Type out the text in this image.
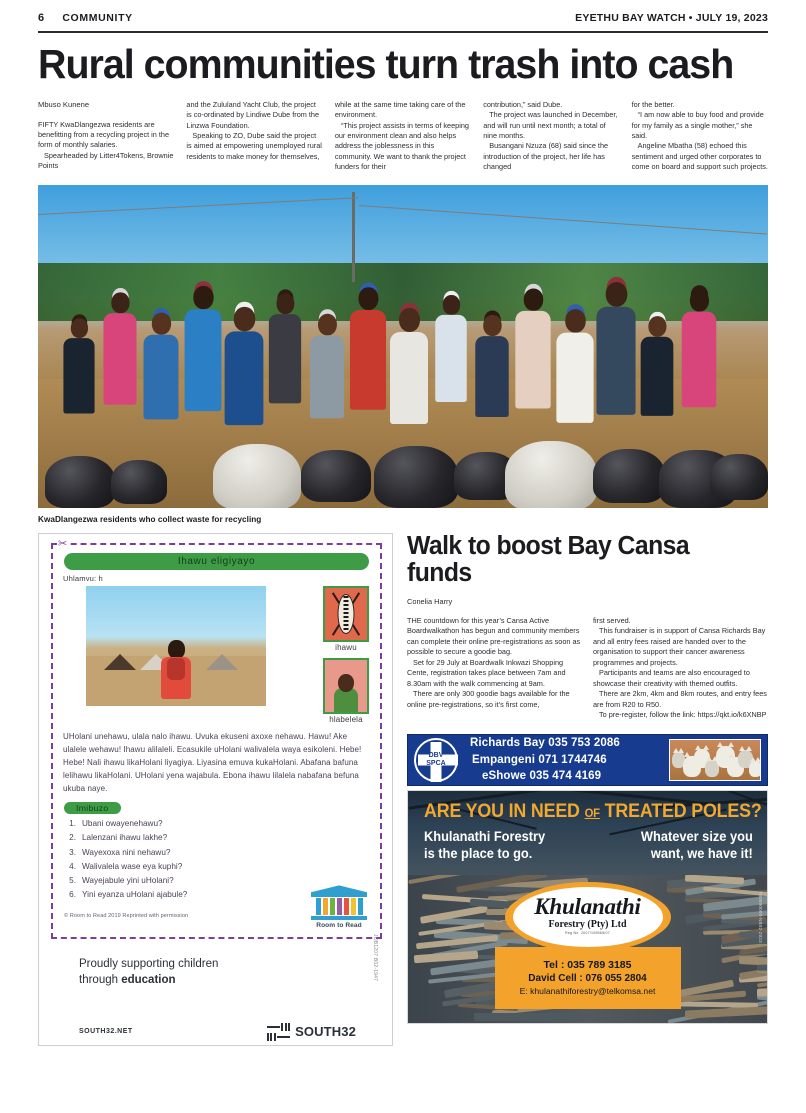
6 COMMUNITY	EYETHU BAY WATCH • JULY 19, 2023
Rural communities turn trash into cash
Mbuso Kunene

FIFTY KwaDlangezwa residents are benefitting from a recycling project in the form of monthly salaries.

Spearheaded by Litter4Tokens, Brownie Points

and the Zululand Yacht Club, the project is co-ordinated by Lindiwe Dube from the Linzwa Foundation.

Speaking to ZO, Dube said the project is aimed at empowering unemployed rural residents to make money for themselves,

while at the same time taking care of the environment.

“This project assists in terms of keeping our environment clean and also helps address the joblessness in this community. We want to thank the project funders for their

contribution,” said Dube.

The project was launched in December, and will run until next month; a total of nine months.

Busangani Nzuza (68) said since the introduction of the project, her life has changed

for the better.

“I am now able to buy food and provide for my family as a single mother,” she said.

Angeline Mbatha (58) echoed this sentiment and urged other corporates to come on board and support such projects.

KwaDlangezwa residents who collect waste for recycling
✂
Ihawu eligiyayo
Uhlamvu: h
ihawu
hlabelela
UHolani unehawu, ulala nalo ihawu. Uvuka ekuseni axoxe nehawu. Hawu! Ake ulalele wehawu! Ihawu alilaleli. Ecasukile uHolani walivalela waya esikoleni. Hebe! Hebe! Nali ihawu likaHolani liyagiya. Liyasina emuva kukaHolani. Abafana bafuna lelihawu likaHolani. UHolani yena wajabula. Ebona ihawu lilalela nabafana befuna ukuba naye.
Imibuzo
1. Ubani owayenehawu?
2. Lalenzani ihawu lakhe?
3. Wayexoxa nini nehawu?
4. Walivalela wase eya kuphi?
5. Wayejabule yini uHolani?
6. Yini eyanza uHolani ajabule?
© Room to Read 2019 Reprinted with permission
Room to Read
Proudly supporting children
through education
SOUTH32.NET	SOUTH32
JOB1207 B02-1947
Walk to boost Bay Cansa funds
Conelia Harry

THE countdown for this year’s Cansa Active Boardwalkathon has begun and community members can complete their online pre-registrations as soon as possible to secure a goodie bag.

Set for 29 July at Boardwalk Inkwazi Shopping Cente, registration takes place between 7am and 8.30am with the walk commencing at 9am.

There are only 300 goodie bags available for the online pre-registrations, so it’s first come,

first served.

This fundraiser is in support of Cansa Richards Bay and all entry fees raised are handed over to the organisation to support their cancer awareness programmes and projects.

Participants and teams are also encouraged to showcase their creativity with themed outfits.

There are 2km, 4km and 8km routes, and entry fees are from R20 to R50.

To pre-register, follow the link: https://qkt.io/k6XNBP

DBV
SPCA
Richards Bay 035 753 2086
Empangeni 071 1744746
eShowe 035 474 4169
ARE YOU IN NEED OF TREATED POLES?
Khulanathi Forestry
is the place to go.
Whatever size you
want, we have it!
Khulanathi
Forestry (Pty) Ltd
Reg No. 2007/108565/07
Tel : 035 789 3185
David Cell : 076 055 2804
E: khulanathiforestry@telkomsa.net
TB0000000-NB02-2023
